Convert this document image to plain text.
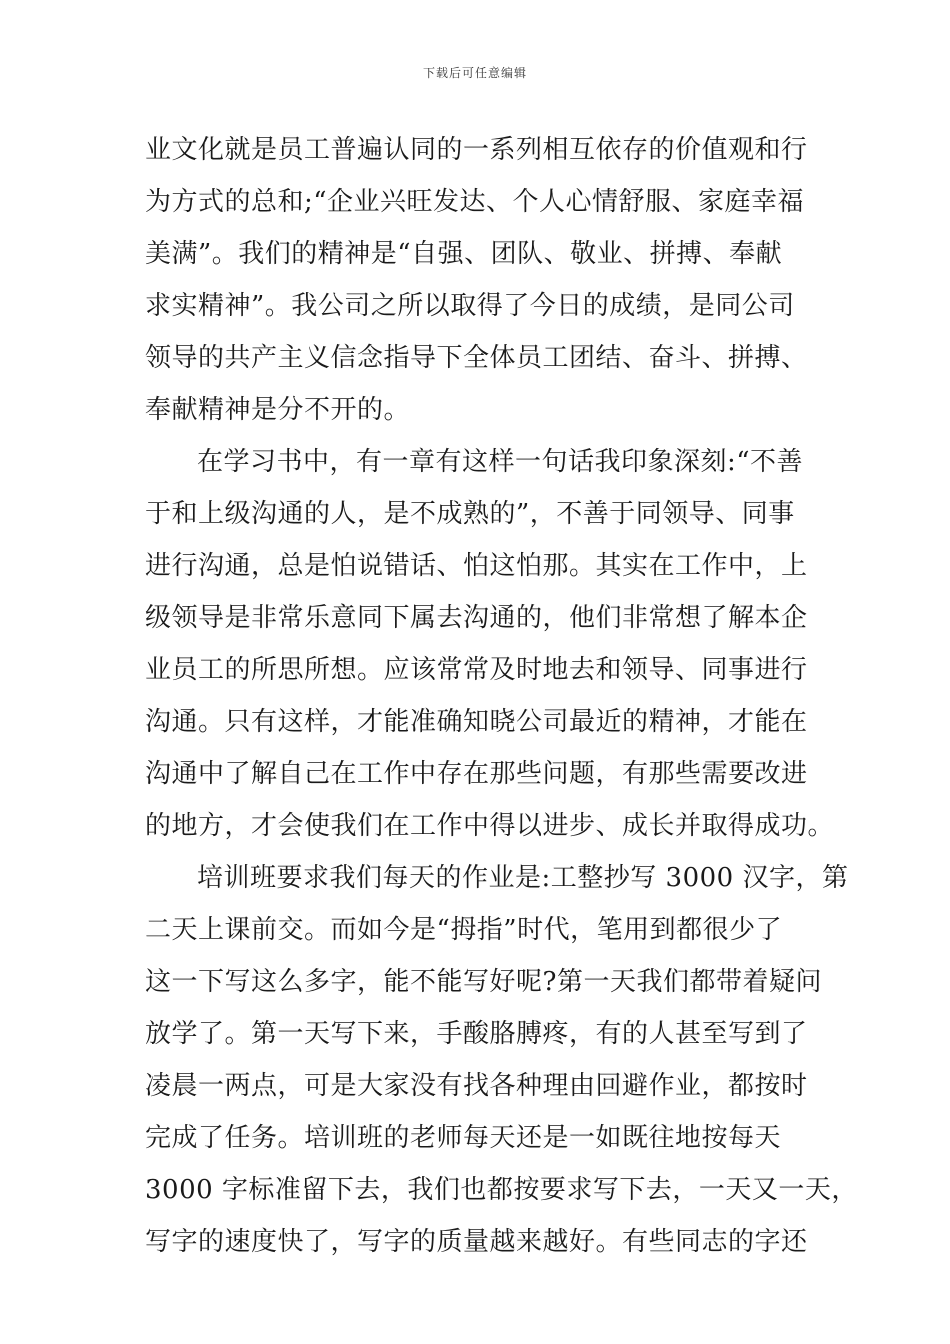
下载后可任意编辑
业文化就是员工普遍认同的一系列相互依存的价值观和行
为方式的总和;“企业兴旺发达、个人心情舒服、家庭幸福
美满”。我们的精神是“自强、团队、敬业、拼搏、奉献
求实精神”。我公司之所以取得了今日的成绩，是同公司
领导的共产主义信念指导下全体员工团结、奋斗、拼搏、
奉献精神是分不开的。
在学习书中，有一章有这样一句话我印象深刻:“不善
于和上级沟通的人，是不成熟的”，不善于同领导、同事
进行沟通，总是怕说错话、怕这怕那。其实在工作中，上
级领导是非常乐意同下属去沟通的，他们非常想了解本企
业员工的所思所想。应该常常及时地去和领导、同事进行
沟通。只有这样，才能准确知晓公司最近的精神，才能在
沟通中了解自己在工作中存在那些问题，有那些需要改进
的地方，才会使我们在工作中得以进步、成长并取得成功。
培训班要求我们每天的作业是:工整抄写 3000 汉字，第
二天上课前交。而如今是“拇指”时代，笔用到都很少了
这一下写这么多字，能不能写好呢?第一天我们都带着疑问
放学了。第一天写下来，手酸胳膊疼，有的人甚至写到了
凌晨一两点，可是大家没有找各种理由回避作业，都按时
完成了任务。培训班的老师每天还是一如既往地按每天
3000 字标准留下去，我们也都按要求写下去，一天又一天，
写字的速度快了，写字的质量越来越好。有些同志的字还
